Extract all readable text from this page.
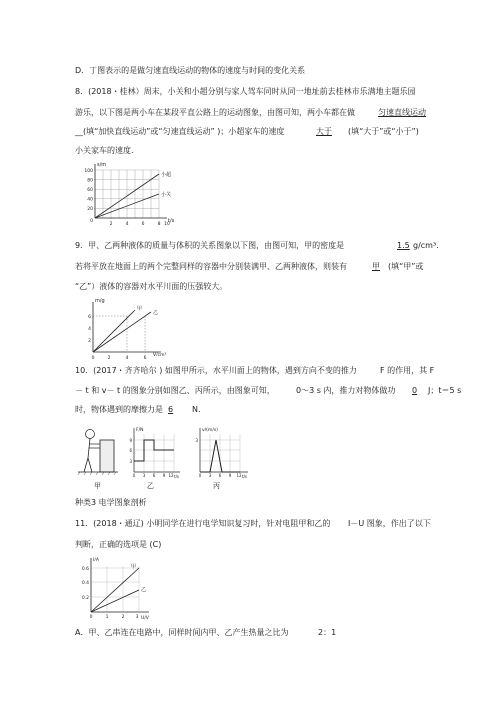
D．丁图表示的是做匀速直线运动的物体的速度与时间的变化关系
8．(2018・桂林）周末，小关和小超分别与家人驾车同时从同一地址前去桂林市乐满地主题乐园
游乐，以下图是两小车在某段平直公路上的运动图象，由图可知，两小车都在做	匀速直线运动
__(填“加快直线运动”或“匀速直线运动” )；小超家车的速度	大于 (填“大于”或“小于”)
小关家车的速度.
s/m
t/s
100
80
60
40
20
0
2	4	6	8 10
小超
小关
9．甲、乙两种液体的质量与体积的关系图象以下图，由图可知，甲的密度是	1.5 g/cm³.
若将平放在地面上的两个完整同样的容器中分别装满甲、乙两种液体，则装有	甲 (填“甲”或
“乙”）液体的容器对水平川面的压强较大。
m/g
V/cm³
6
4
2
0	2	4	6
甲
乙
10．(2017・齐齐哈尔 ) 如图甲所示，水平川面上的物体，遇到方向不变的推力	F 的作用，其 F
－ t 和 v－ t 的图象分别如图乙、丙所示，由图象可知，	0～3 s 内，推力对物体做功 0 J；t＝5 s
时，物体遇到的摩擦力是 6 N.
甲
F/N
t/s
9
6
3
0 3 6 9 12
乙
v/(m/s)
t/s
3
0 3 6 9 12
丙
种类3 电学图象剖析
11．(2018・通辽) 小明同学在进行电学知识复习时，针对电阻甲和乙的 I－U 图象，作出了以下
判断，正确的选项是 (C)
I/A
U/V
0.6
0.4
0.2
0	1	2 3
甲
乙
A．甲、乙串连在电路中，同样时间内甲、乙产生热量之比为	2：1
